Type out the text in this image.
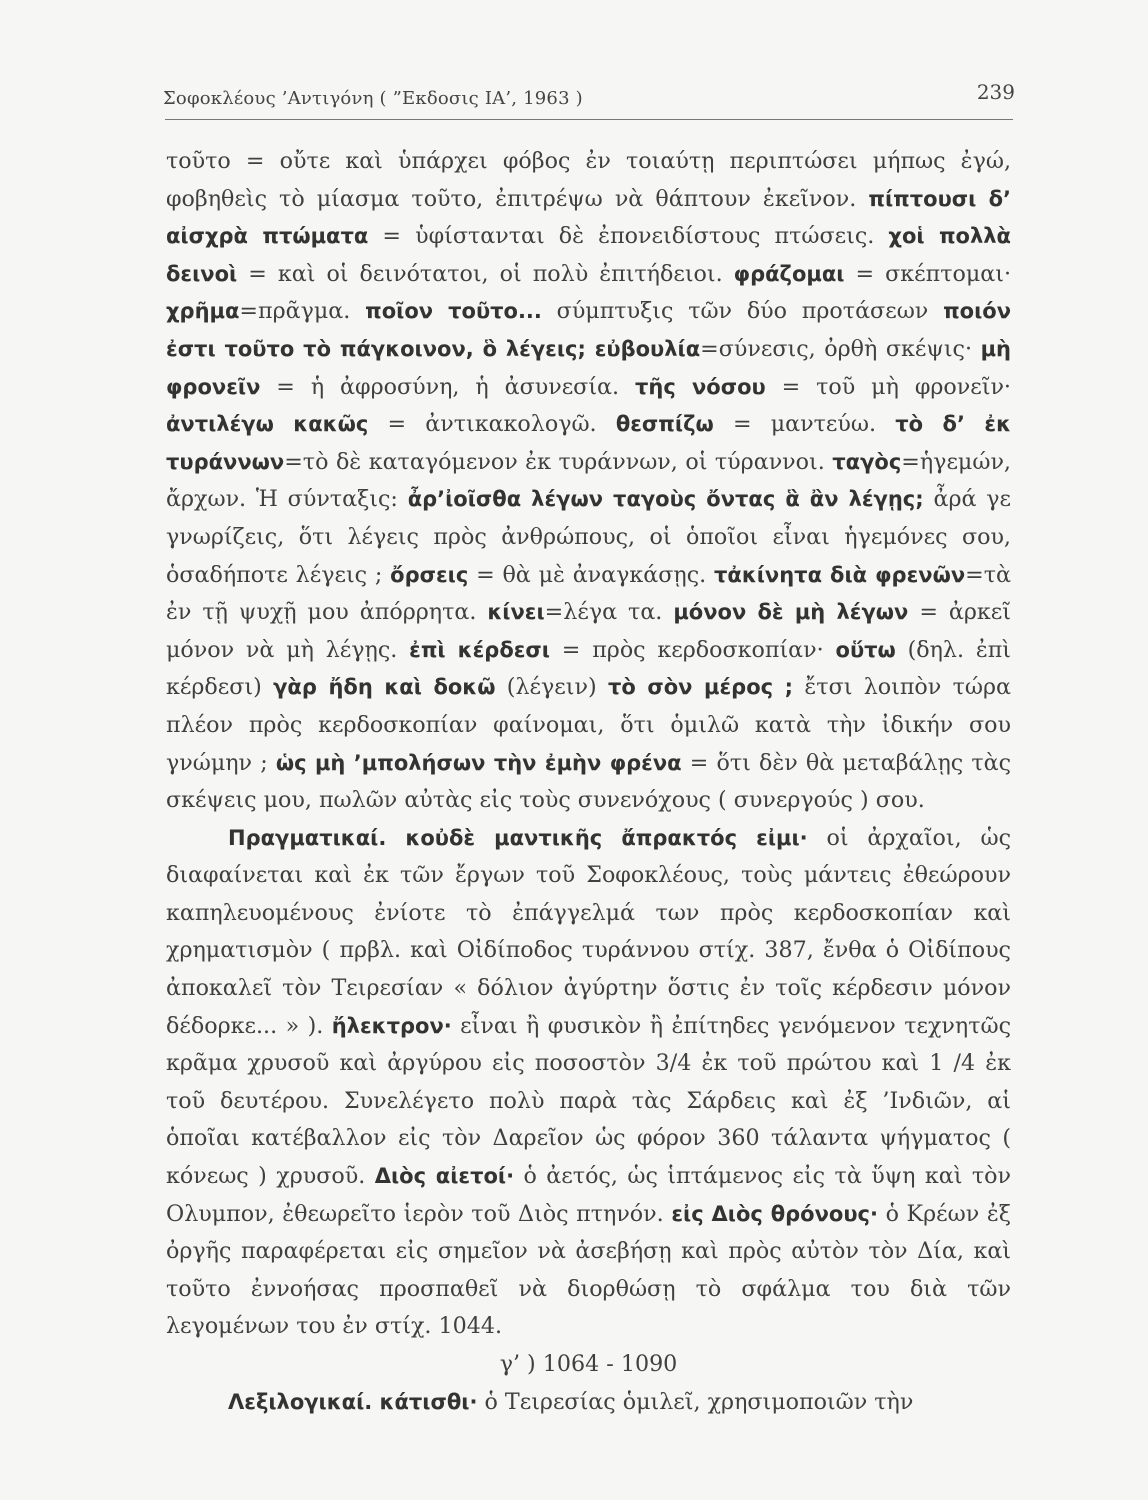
Σοφοκλέους ’Αντιγόνη ( ”Εκδοσις ΙΑ’, 1963 )	239

τοῦτο = οὔτε καὶ ὑπάρχει φόβος ἐν τοιαύτῃ περιπτώσει μήπως ἐγώ, φοβηθεὶς τὸ μίασμα τοῦτο, ἐπιτρέψω νὰ θάπτουν ἐκεῖνον. πίπτουσι δ’ αἰσχρὰ πτώματα = ὑφίστανται δὲ ἐπονειδίστους πτώσεις. χοἱ πολλὰ δεινοὶ = καὶ οἱ δεινότατοι, οἱ πολὺ ἐπιτήδειοι. φράζομαι = σκέπτομαι· χρῆμα=πρᾶγμα. ποῖον τοῦτο... σύμπτυξις τῶν δύο προτάσεων ποιόν ἐστι τοῦτο τὸ πάγκοινον, ὃ λέγεις; εὐβουλία=σύνεσις, ὀρθὴ σκέψις· μὴ φρονεῖν = ἡ ἀφροσύνη, ἡ ἀσυνεσία. τῆς νόσου = τοῦ μὴ φρονεῖν· ἀντιλέγω κακῶς = ἀντικακολογῶ. θεσπίζω = μαντεύω. τὸ δ’ ἐκ τυράννων=τὸ δὲ καταγόμενον ἐκ τυράννων, οἱ τύραννοι. ταγὸς=ἡγεμών, ἄρχων. Ἡ σύνταξις: ἆρ’ἰοῖσθα λέγων ταγοὺς ὄντας ἃ ἂν λέγῃς; ἆρά γε γνωρίζεις, ὅτι λέγεις πρὸς ἀνθρώπους, οἱ ὁποῖοι εἶναι ἡγεμόνες σου, ὁσαδήποτε λέγεις ; ὄρσεις = θὰ μὲ ἀναγκάσῃς. τἀκίνητα διὰ φρενῶν=τὰ ἐν τῇ ψυχῇ μου ἀπόρρητα. κίνει=λέγα τα. μόνον δὲ μὴ λέγων = ἀρκεῖ μόνον νὰ μὴ λέγῃς. ἐπὶ κέρδεσι = πρὸς κερδοσκοπίαν· οὕτω (δηλ. ἐπὶ κέρδεσι) γὰρ ἤδη καὶ δοκῶ (λέγειν) τὸ σὸν μέρος ; ἔτσι λοιπὸν τώρα πλέον πρὸς κερδοσκοπίαν φαίνομαι, ὅτι ὁμιλῶ κατὰ τὴν ἰδικήν σου γνώμην ; ὡς μὴ ’μπολήσων τὴν ἐμὴν φρένα = ὅτι δὲν θὰ μεταβάλῃς τὰς σκέψεις μου, πωλῶν αὐτὰς εἰς τοὺς συνενόχους ( συνεργούς ) σου.

Πραγματικαί. κοὐδὲ μαντικῆς ἄπρακτός εἰμι· οἱ ἀρχαῖοι, ὡς διαφαίνεται καὶ ἐκ τῶν ἔργων τοῦ Σοφοκλέους, τοὺς μάντεις ἐθεώρουν καπηλευομένους ἐνίοτε τὸ ἐπάγγελμά των πρὸς κερδοσκοπίαν καὶ χρηματισμὸν ( πρβλ. καὶ Οἰδίποδος τυράννου στίχ. 387, ἔνθα ὁ Οἰδίπους ἀποκαλεῖ τὸν Τειρεσίαν « δόλιον ἀγύρτην ὅστις ἐν τοῖς κέρδεσιν μόνον δέδορκε... » ). ἤλεκτρον· εἶναι ἢ φυσικὸν ἢ ἐπίτηδες γενόμενον τεχνητῶς κρᾶμα χρυσοῦ καὶ ἀργύρου εἰς ποσοστὸν 3/4 ἐκ τοῦ πρώτου καὶ 1 /4 ἐκ τοῦ δευτέρου. Συνελέγετο πολὺ παρὰ τὰς Σάρδεις καὶ ἐξ ’Ινδιῶν, αἱ ὁποῖαι κατέβαλλον εἰς τὸν Δαρεῖον ὡς φόρον 360 τάλαντα ψήγματος ( κόνεως ) χρυσοῦ. Διὸς αἰετοί· ὁ ἀετός, ὡς ἱπτάμενος εἰς τὰ ὕψη καὶ τὸν Ολυμπον, ἐθεωρεῖτο ἱερὸν τοῦ Διὸς πτηνόν. εἰς Διὸς θρόνους· ὁ Κρέων ἐξ ὀργῆς παραφέρεται εἰς σημεῖον νὰ ἀσεβήσῃ καὶ πρὸς αὐτὸν τὸν Δία, καὶ τοῦτο ἐννοήσας προσπαθεῖ νὰ διορθώσῃ τὸ σφάλμα του διὰ τῶν λεγομένων του ἐν στίχ. 1044.

γ’ ) 1064 - 1090

Λεξιλογικαί. κάτισθι· ὁ Τειρεσίας ὁμιλεῖ, χρησιμοποιῶν τὴν
